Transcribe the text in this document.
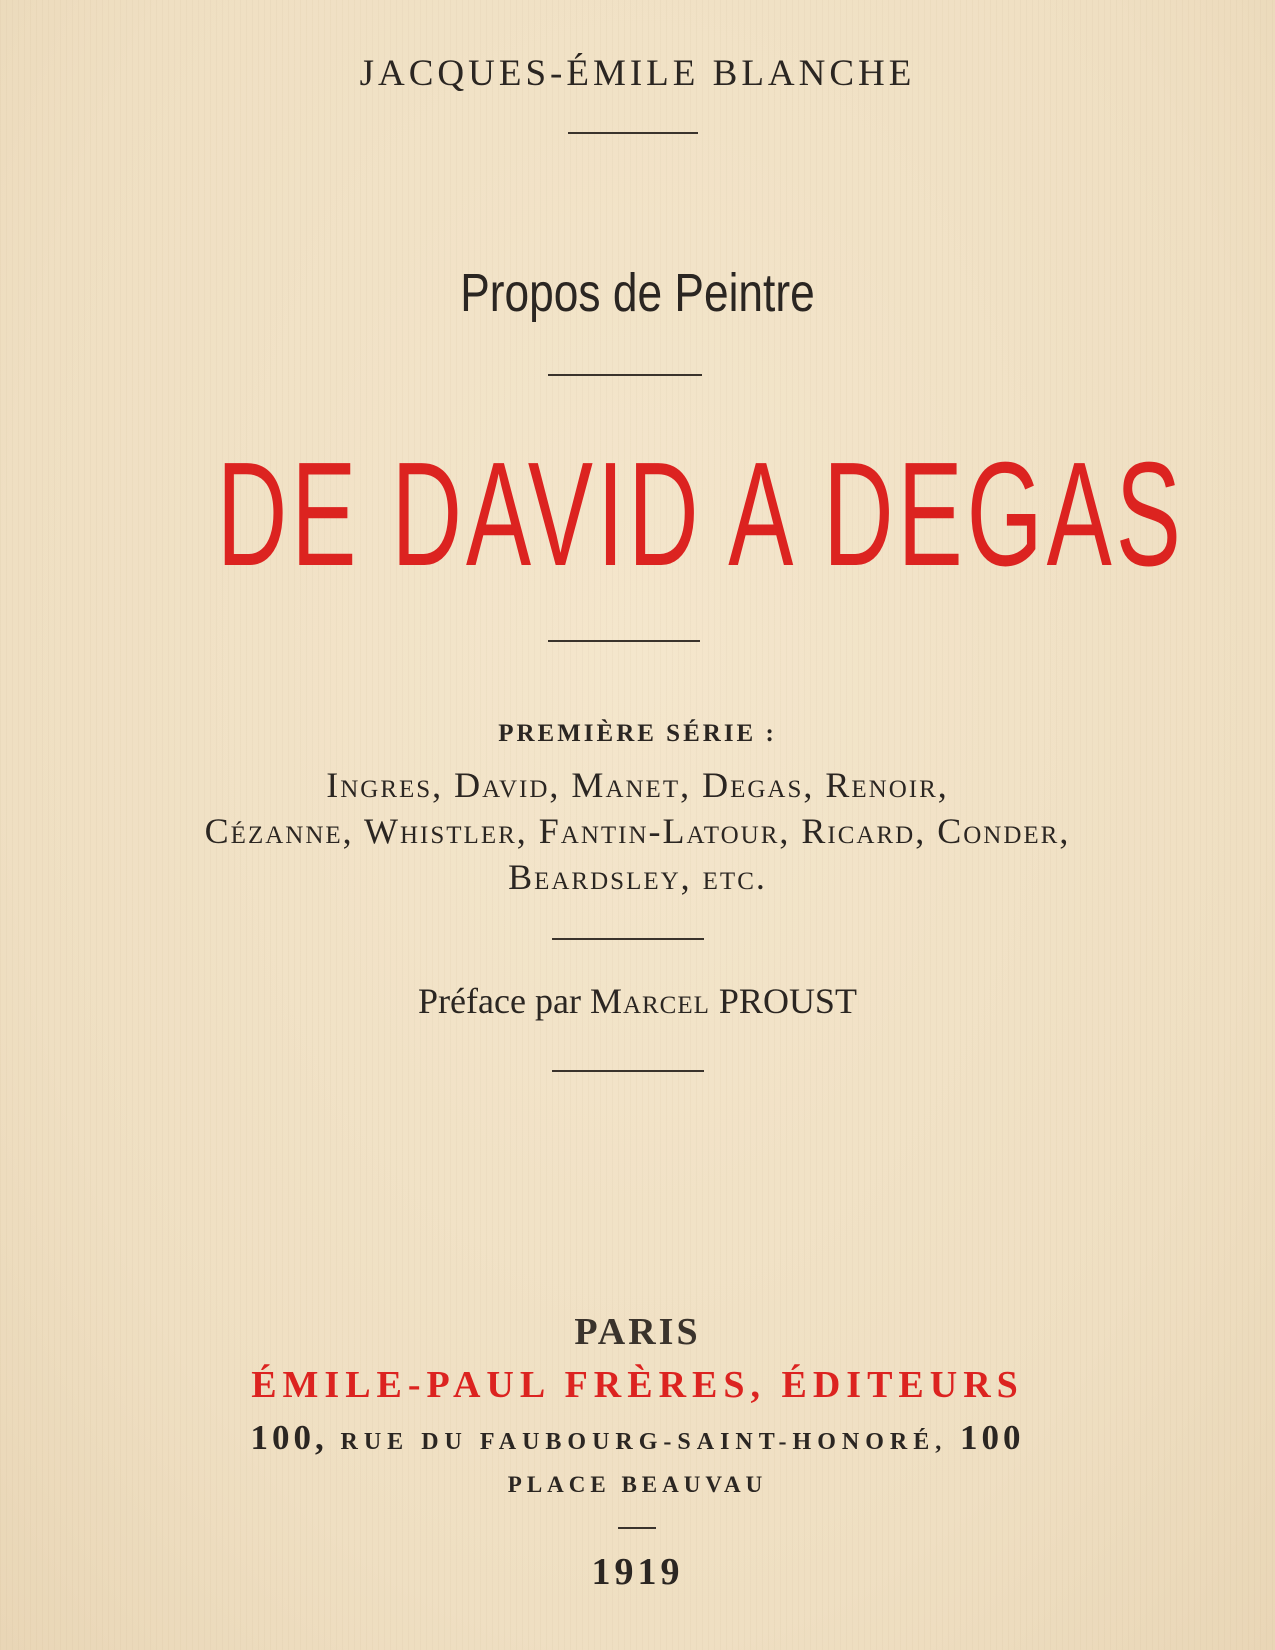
JACQUES-ÉMILE BLANCHE
Propos de Peintre
DE DAVID A DEGAS
PREMIÈRE SÉRIE :
Ingres, David, Manet, Degas, Renoir,
Cézanne, Whistler, Fantin-Latour, Ricard, Conder,
Beardsley, etc.
Préface par Marcel PROUST
PARIS
ÉMILE-PAUL FRÈRES, ÉDITEURS
100, RUE DU FAUBOURG-SAINT-HONORÉ, 100
PLACE BEAUVAU
1919
